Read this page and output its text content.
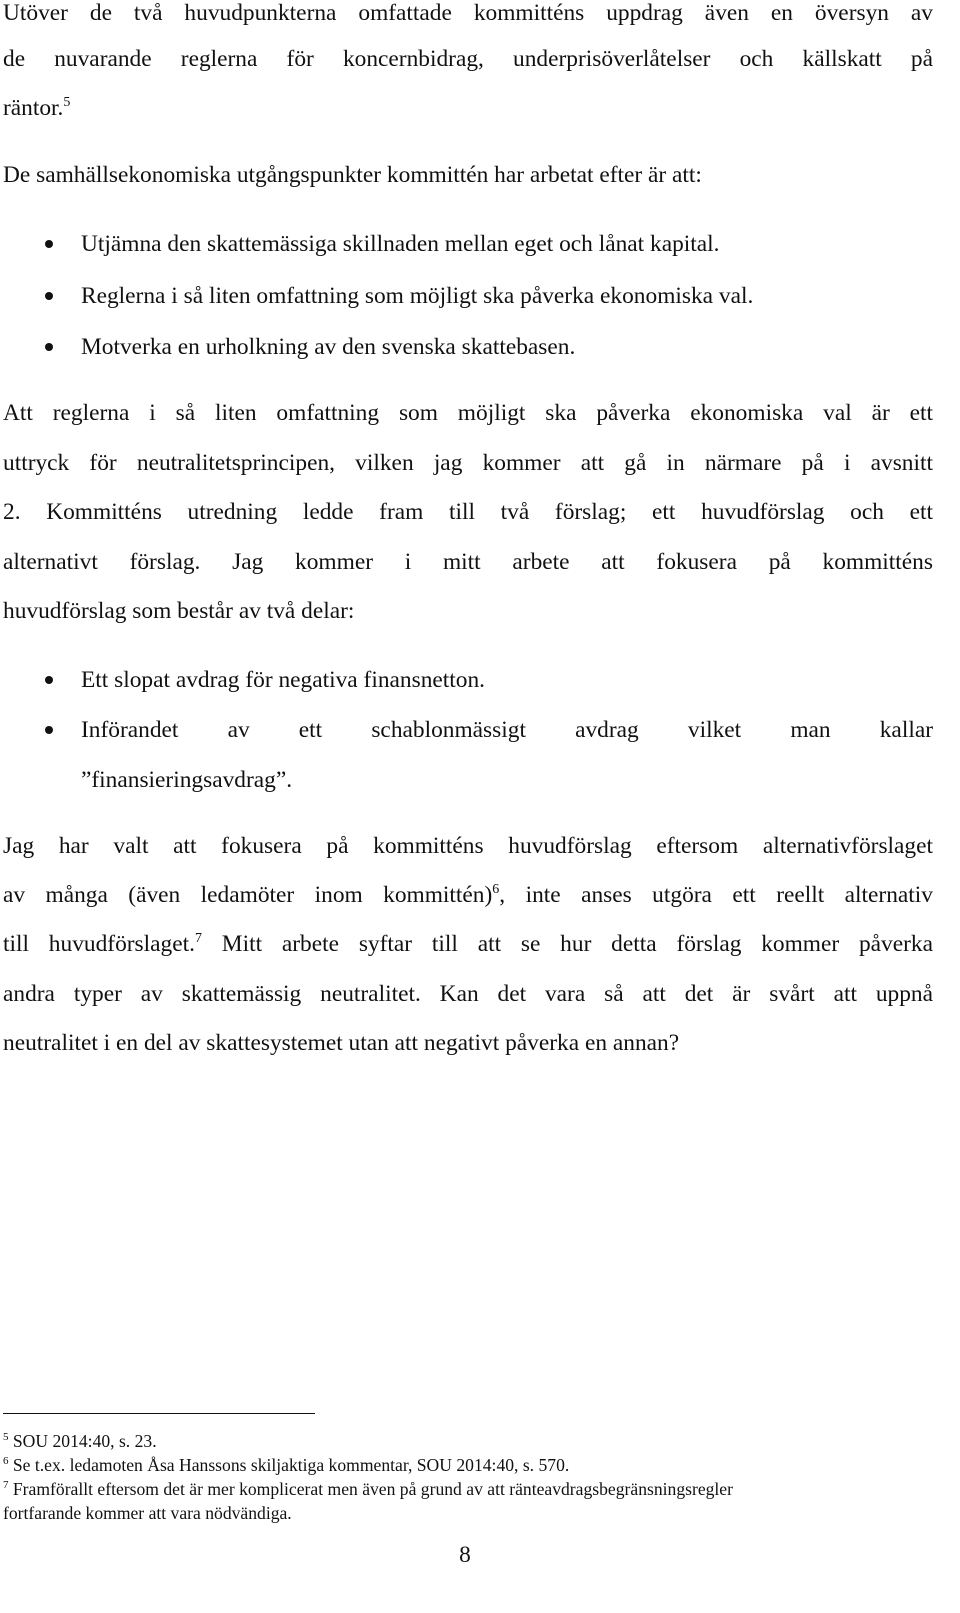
Utöver de två huvudpunkterna omfattade kommitténs uppdrag även en översyn av
de nuvarande reglerna för koncernbidrag, underprisöverlåtelser och källskatt på
räntor.$^5$
De samhällsekonomiska utgångspunkter kommittén har arbetat efter är att:
Utjämna den skattemässiga skillnaden mellan eget och lånat kapital.
Reglerna i så liten omfattning som möjligt ska påverka ekonomiska val.
Motverka en urholkning av den svenska skattebasen.
Att reglerna i så liten omfattning som möjligt ska påverka ekonomiska val är ett
uttryck för neutralitetsprincipen, vilken jag kommer att gå in närmare på i avsnitt
2. Kommitténs utredning ledde fram till två förslag; ett huvudförslag och ett
alternativt förslag. Jag kommer i mitt arbete att fokusera på kommitténs
huvudförslag som består av två delar:
Ett slopat avdrag för negativa finansnetton.
Införandet av ett schablonmässigt avdrag vilket man kallar
”finansieringsavdrag”.
Jag har valt att fokusera på kommitténs huvudförslag eftersom alternativförslaget
av många (även ledamöter inom kommittén)$^6$, inte anses utgöra ett reellt alternativ
till huvudförslaget.$^7$ Mitt arbete syftar till att se hur detta förslag kommer påverka
andra typer av skattemässig neutralitet. Kan det vara så att det är svårt att uppnå
neutralitet i en del av skattesystemet utan att negativt påverka en annan?
$^5$ SOU 2014:40, s. 23.
$^6$ Se t.ex. ledamoten Åsa Hanssons skiljaktiga kommentar, SOU 2014:40, s. 570.
$^7$ Framförallt eftersom det är mer komplicerat men även på grund av att ränteavdragsbegränsningsregler
fortfarande kommer att vara nödvändiga.
8
